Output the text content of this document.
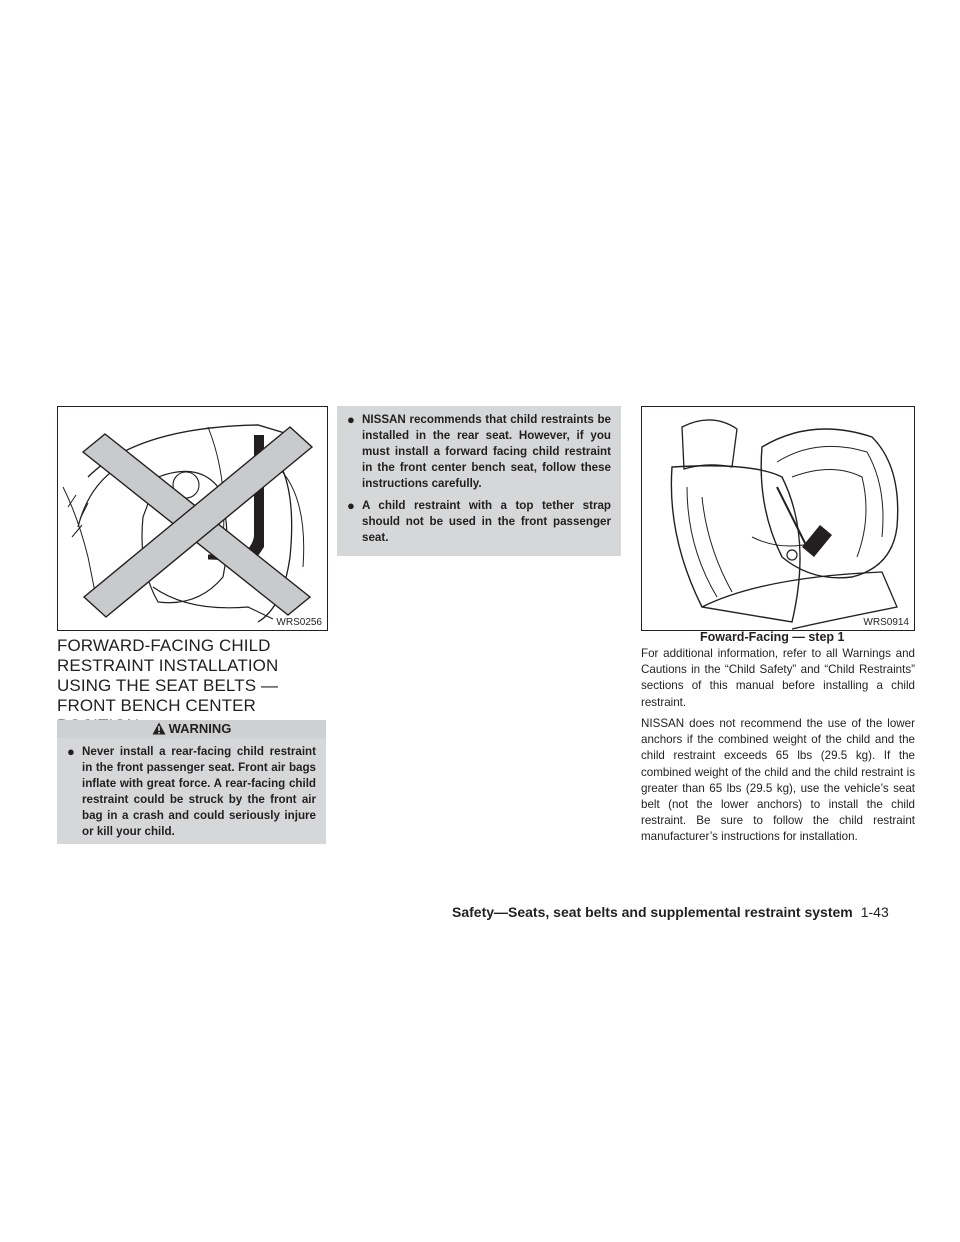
WRS0256
FORWARD-FACING CHILD RESTRAINT INSTALLATION USING THE SEAT BELTS — FRONT BENCH CENTER
WARNING
● Never install a rear-facing child restraint in the front passenger seat. Front air bags inflate with great force. A rear-facing child restraint could be struck by the front air bag in a crash and could seriously injure or kill your child.
● NISSAN recommends that child restraints be installed in the rear seat. However, if you must install a forward facing child restraint in the front center bench seat, follow these instructions carefully.
● A child restraint with a top tether strap should not be used in the front passenger seat.
WRS0914
Foward-Facing — step 1
For additional information, refer to all Warnings and Cautions in the “Child Safety” and “Child Restraints” sections of this manual before installing a child restraint.
NISSAN does not recommend the use of the lower anchors if the combined weight of the child and the child restraint exceeds 65 lbs (29.5 kg). If the combined weight of the child and the child restraint is greater than 65 lbs (29.5 kg), use the vehicle’s seat belt (not the lower anchors) to install the child restraint. Be sure to follow the child restraint manufacturer’s instructions for installation.
Safety—Seats, seat belts and supplemental restraint system 1-43
